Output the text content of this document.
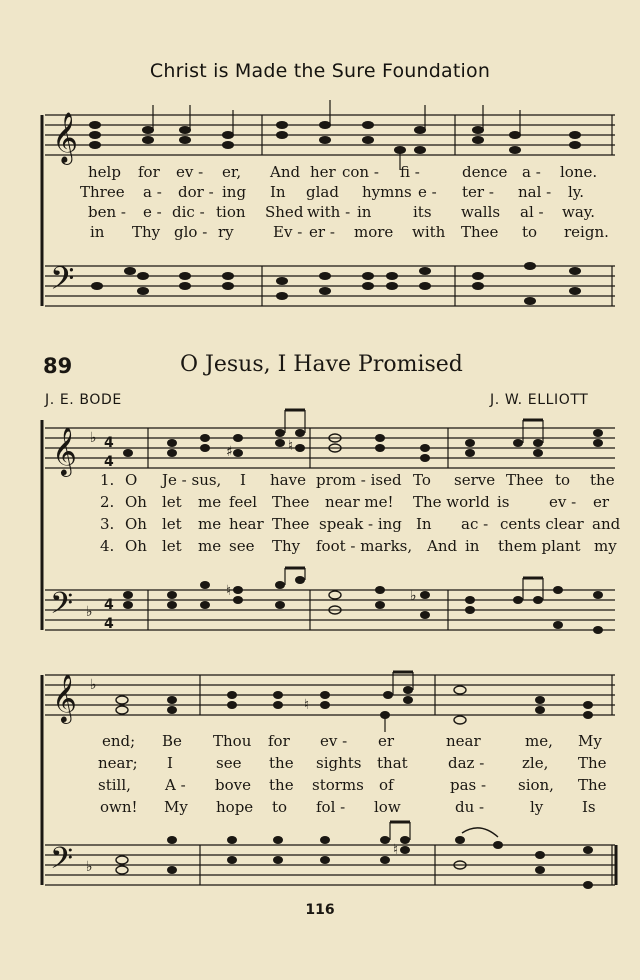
Christ is Made the Sure Foundation
𝄞
help for ev - er, And her con - fi -	dence a - lone.
Three a - dor - ing In glad hymns e - ter - nal - ly.
ben - e - dic - tion Shed with - in	its walls al - way.
in Thy glo - ry	Ev - er - more with Thee to reign.
𝄢
89	O Jesus, I Have Promised
J. E. BODE	J. W. ELLIOTT
𝄞 ♭ 4
4
♯	♮
1. O Je - sus, I have prom - ised To serve Thee to the
2. Oh let me feel Thee near me! The world is	ev - er
3. Oh let me hear Thee speak - ing In ac - cents clear and
4. Oh let me see Thy foot - marks, And in them plant my
𝄢 ♭ 4
4
♮	♭
𝄞 ♭
♮
end; Be Thou for ev - er	near	me, My
near; I	see the sights that	daz -	zle, The
still, A - bove the storms of	pas - sion, The
own! My hope to fol - low	du -	ly	Is
𝄢 ♭
♮
116
